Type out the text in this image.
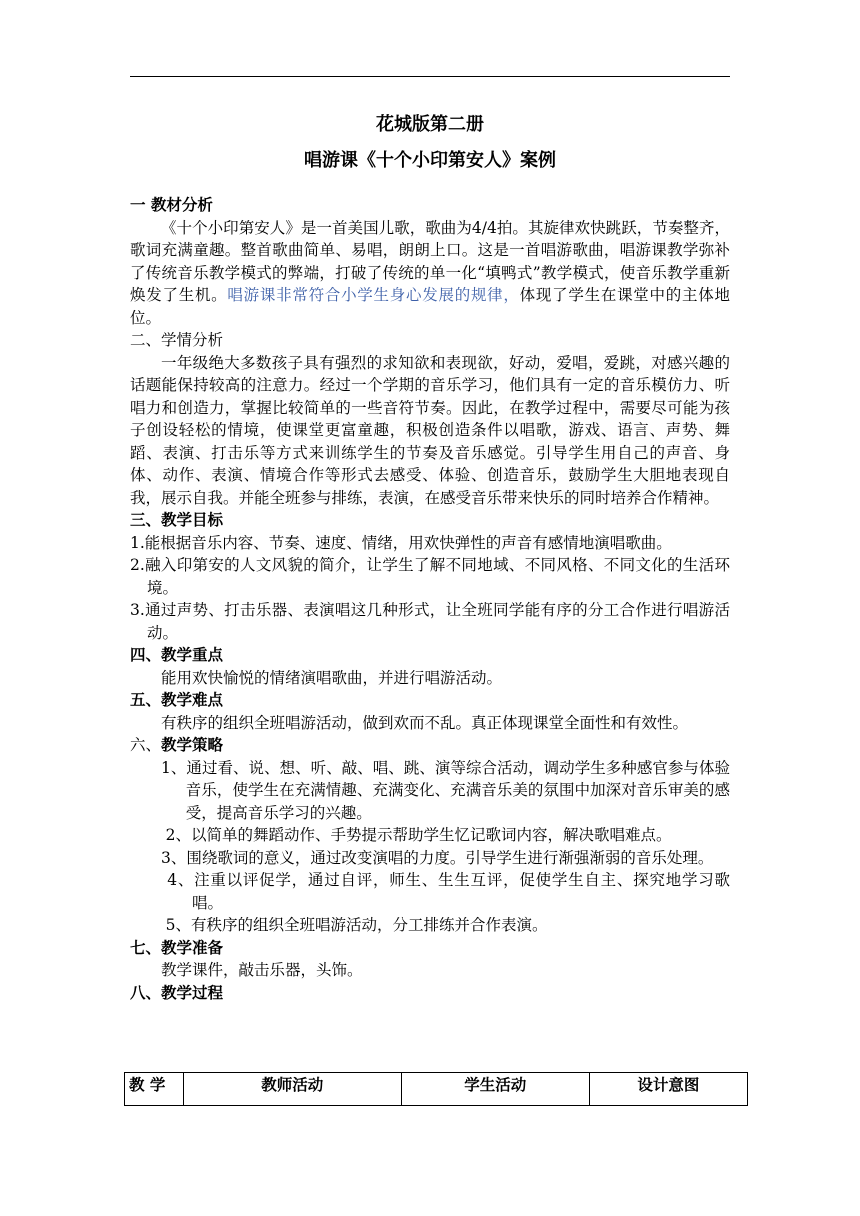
花城版第二册
唱游课《十个小印第安人》案例
一 教材分析

《十个小印第安人》是一首美国儿歌，歌曲为4/4拍。其旋律欢快跳跃，节奏整齐，歌词充满童趣。整首歌曲简单、易唱，朗朗上口。这是一首唱游歌曲，唱游课教学弥补了传统音乐教学模式的弊端，打破了传统的单一化“填鸭式”教学模式，使音乐教学重新焕发了生机。唱游课非常符合小学生身心发展的规律，体现了学生在课堂中的主体地位。

二、学情分析

一年级绝大多数孩子具有强烈的求知欲和表现欲，好动，爱唱，爱跳，对感兴趣的话题能保持较高的注意力。经过一个学期的音乐学习，他们具有一定的音乐模仿力、听唱力和创造力，掌握比较简单的一些音符节奏。因此，在教学过程中，需要尽可能为孩子创设轻松的情境，使课堂更富童趣，积极创造条件以唱歌，游戏、语言、声势、舞蹈、表演、打击乐等方式来训练学生的节奏及音乐感觉。引导学生用自己的声音、身体、动作、表演、情境合作等形式去感受、体验、创造音乐，鼓励学生大胆地表现自我，展示自我。并能全班参与排练，表演，在感受音乐带来快乐的同时培养合作精神。

三、教学目标

1.能根据音乐内容、节奏、速度、情绪，用欢快弹性的声音有感情地演唱歌曲。

2.融入印第安的人文风貌的简介，让学生了解不同地域、不同风格、不同文化的生活环境。

3.通过声势、打击乐器、表演唱这几种形式，让全班同学能有序的分工合作进行唱游活动。

四、教学重点

能用欢快愉悦的情绪演唱歌曲，并进行唱游活动。

五、教学难点

有秩序的组织全班唱游活动，做到欢而不乱。真正体现课堂全面性和有效性。

六、教学策略

1、通过看、说、想、听、敲、唱、跳、演等综合活动，调动学生多种感官参与体验音乐，使学生在充满情趣、充满变化、充满音乐美的氛围中加深对音乐审美的感受，提高音乐学习的兴趣。

2、以简单的舞蹈动作、手势提示帮助学生忆记歌词内容，解决歌唱难点。

3、围绕歌词的意义，通过改变演唱的力度。引导学生进行渐强渐弱的音乐处理。

4、注重以评促学，通过自评，师生、生生互评，促使学生自主、探究地学习歌唱。

5、有秩序的组织全班唱游活动，分工排练并合作表演。

七、教学准备

教学课件，敲击乐器，头饰。

八、教学过程
教 学	教师活动	学生活动	设计意图
